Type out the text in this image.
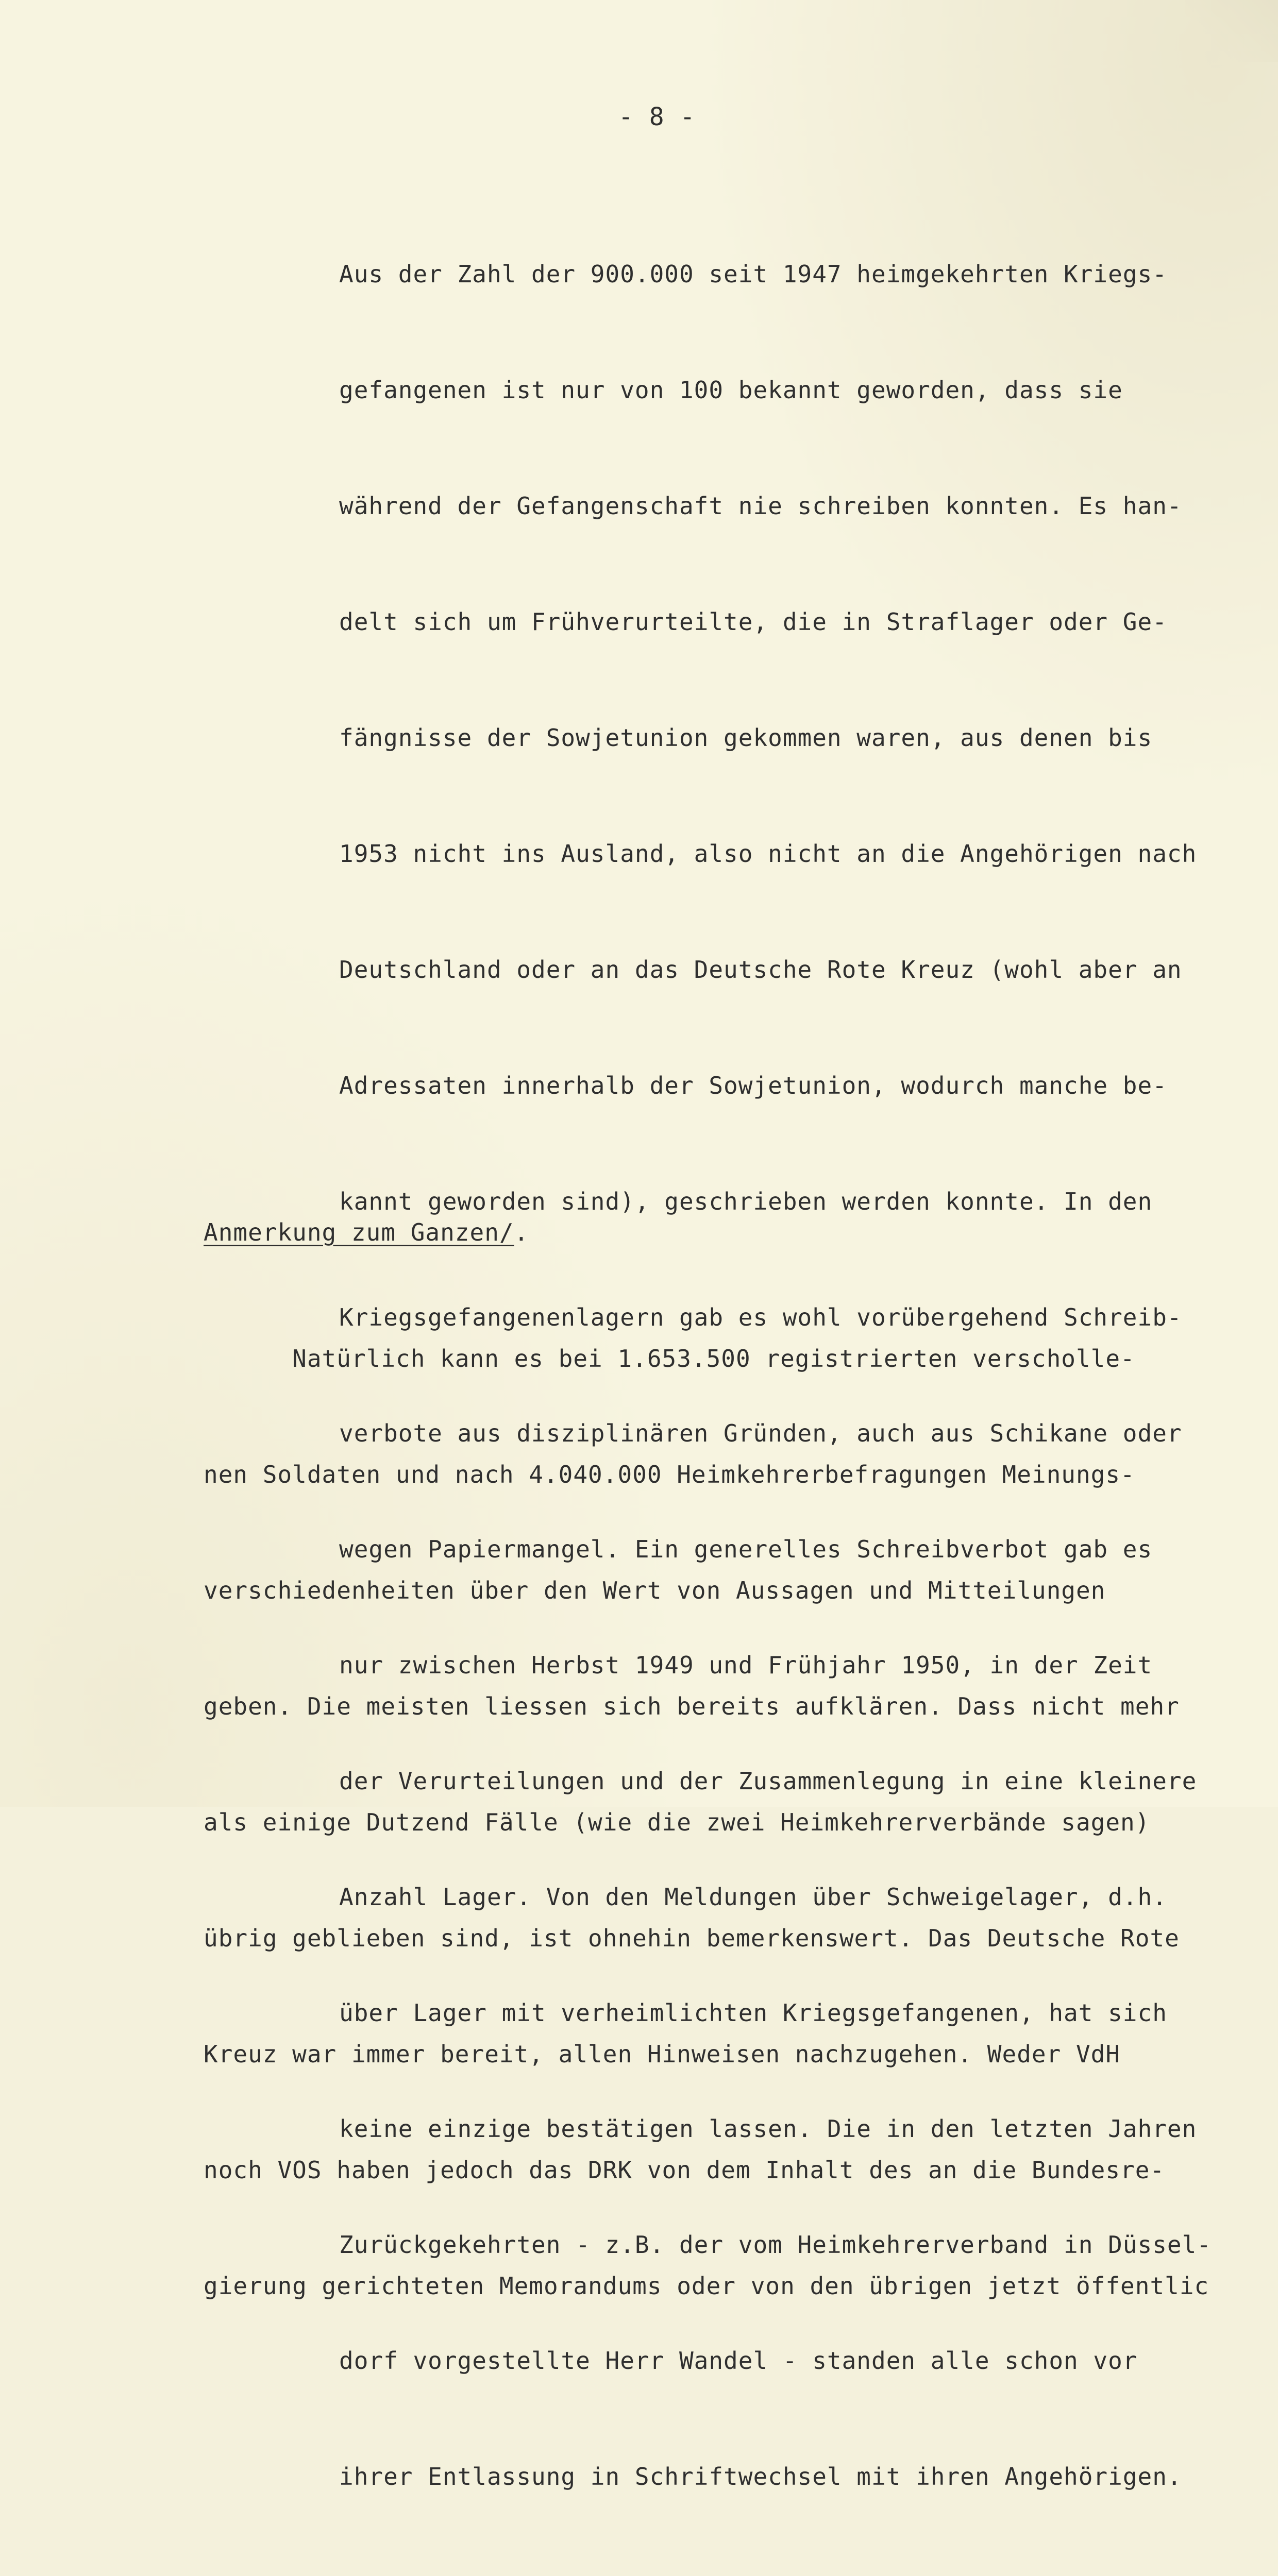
- 8 -

Aus der Zahl der 900.000 seit 1947 heimgekehrten Kriegs-

gefangenen ist nur von 100 bekannt geworden, dass sie

während der Gefangenschaft nie schreiben konnten. Es han-

delt sich um Frühverurteilte, die in Straflager oder Ge-

fängnisse der Sowjetunion gekommen waren, aus denen bis

1953 nicht ins Ausland, also nicht an die Angehörigen nach

Deutschland oder an das Deutsche Rote Kreuz (wohl aber an

Adressaten innerhalb der Sowjetunion, wodurch manche be-

kannt geworden sind), geschrieben werden konnte. In den

Kriegsgefangenenlagern gab es wohl vorübergehend Schreib-

verbote aus disziplinären Gründen, auch aus Schikane oder

wegen Papiermangel. Ein generelles Schreibverbot gab es

nur zwischen Herbst 1949 und Frühjahr 1950, in der Zeit

der Verurteilungen und der Zusammenlegung in eine kleinere

Anzahl Lager. Von den Meldungen über Schweigelager, d.h.

über Lager mit verheimlichten Kriegsgefangenen, hat sich

keine einzige bestätigen lassen. Die in den letzten Jahren

Zurückgekehrten - z.B. der vom Heimkehrerverband in Düssel-

dorf vorgestellte Herr Wandel - standen alle schon vor

ihrer Entlassung in Schriftwechsel mit ihren Angehörigen.

Anmerkung zum Ganzen/.

Natürlich kann es bei 1.653.500 registrierten verscholle-

nen Soldaten und nach 4.040.000 Heimkehrerbefragungen Meinungs-

verschiedenheiten über den Wert von Aussagen und Mitteilungen

geben. Die meisten liessen sich bereits aufklären. Dass nicht mehr

als einige Dutzend Fälle (wie die zwei Heimkehrerverbände sagen)

übrig geblieben sind, ist ohnehin bemerkenswert. Das Deutsche Rote

Kreuz war immer bereit, allen Hinweisen nachzugehen. Weder VdH

noch VOS haben jedoch das DRK von dem Inhalt des an die Bundesre-

gierung gerichteten Memorandums oder von den übrigen jetzt öffentlic
